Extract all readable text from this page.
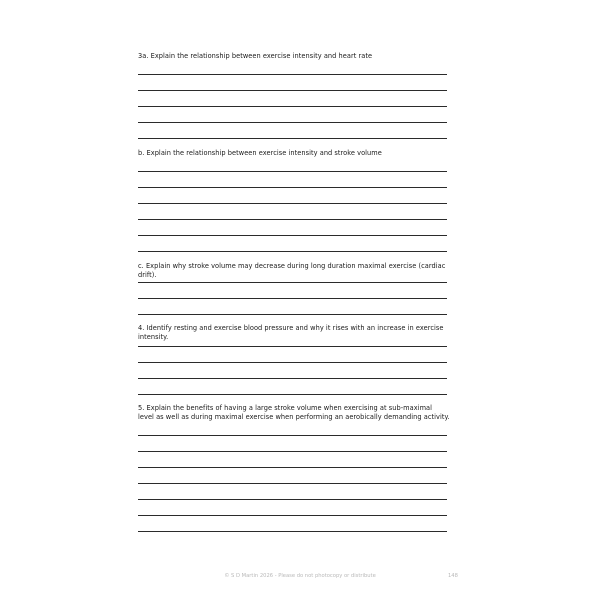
3a. Explain the relationship between exercise intensity and heart rate
b. Explain the relationship between exercise intensity and stroke volume
c. Explain why stroke volume may decrease during long duration maximal exercise (cardiac drift).
4. Identify resting and exercise blood pressure and why it rises with an increase in exercise intensity.
5. Explain the benefits of having a large stroke volume when exercising at sub-maximal level as well as during maximal exercise when performing an aerobically demanding activity.
© S D Martin 2026 - Please do not photocopy or distribute	148
